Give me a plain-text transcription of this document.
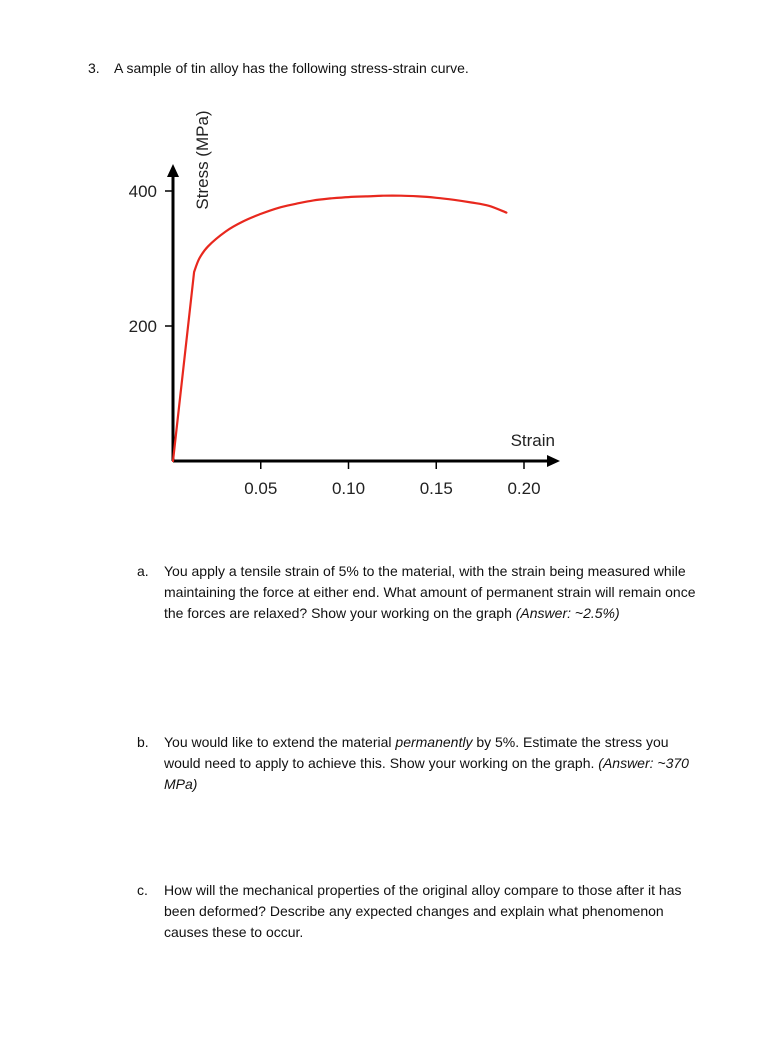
3. A sample of tin alloy has the following stress-strain curve.
0.05	0.10	0.15	0.20
200
400 Stress (MPa)
Strain
a. You apply a tensile strain of 5% to the material, with the strain being measured while maintaining the force at either end. What amount of permanent strain will remain once the forces are relaxed? Show your working on the graph (Answer: ~2.5%)
b. You would like to extend the material permanently by 5%. Estimate the stress you would need to apply to achieve this. Show your working on the graph. (Answer: ~370 MPa)
c. How will the mechanical properties of the original alloy compare to those after it has been deformed? Describe any expected changes and explain what phenomenon causes these to occur.
